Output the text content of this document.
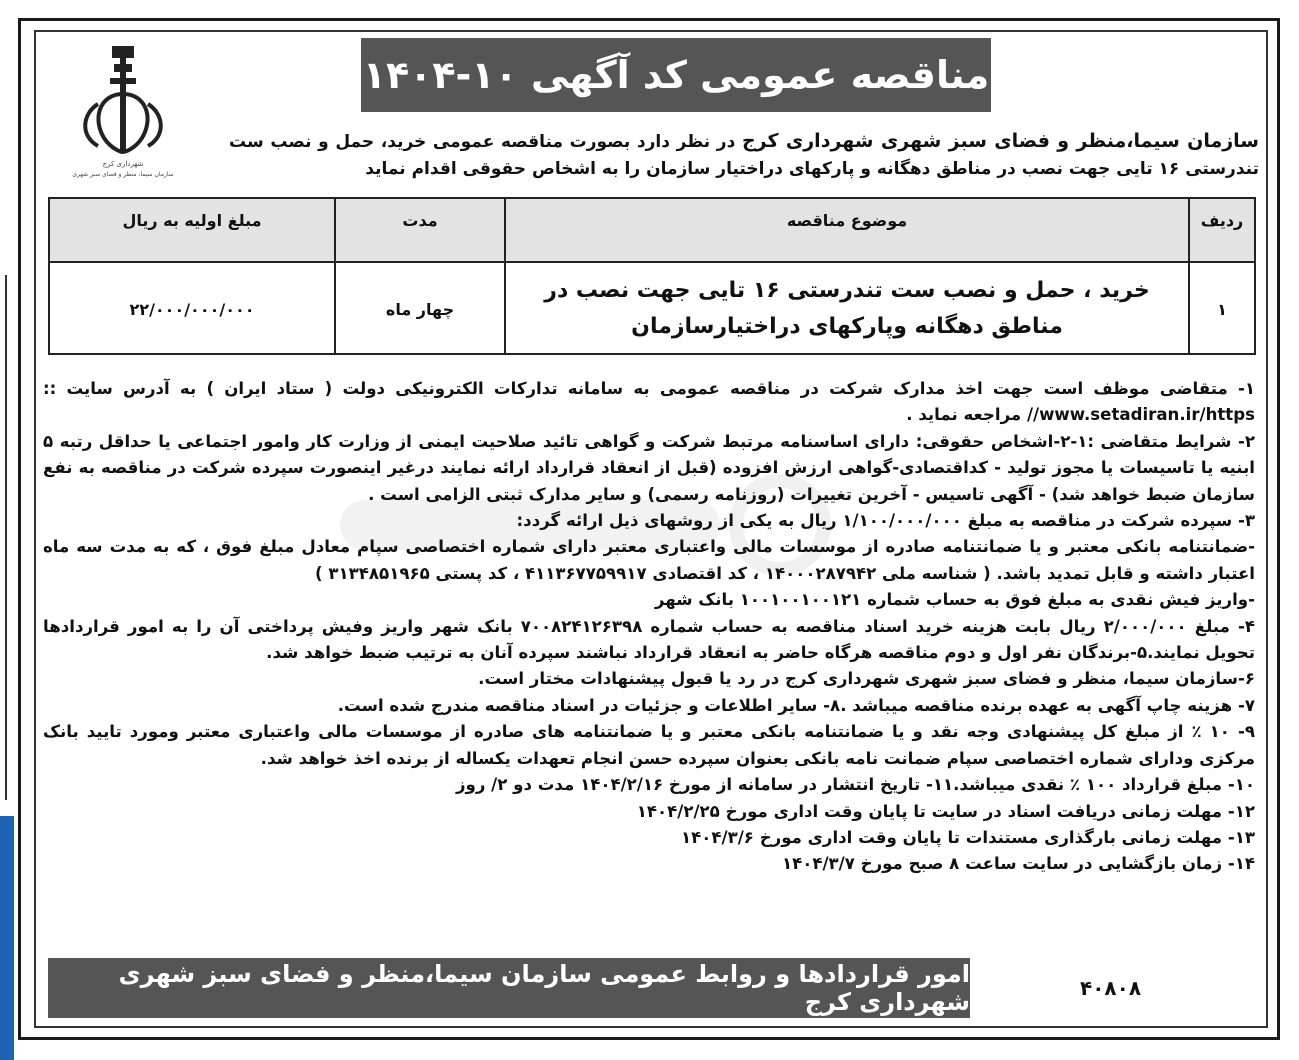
شهرداری کرج
سازمان سیما، منظر و فضای سبز شهری
مناقصه عمومی کد آگهی ۱۰-۱۴۰۴
سازمان سیما،منظر و فضای سبز شهری شهرداری کرج در نظر دارد بصورت مناقصه عمومی خرید، حمل و نصب ست تندرستی ۱۶ تایی جهت نصب در مناطق دهگانه و پارکهای دراختیار سازمان را به اشخاص حقوقی اقدام نماید
ردیف
موضوع مناقصه
مدت
مبلغ اولیه به ریال
۱
خرید ، حمل و نصب ست تندرستی ۱۶ تایی جهت نصب در مناطق دهگانه وپارکهای دراختیارسازمان
چهار ماه
۲۲/۰۰۰/۰۰۰/۰۰۰

۱- متقاضی موظف است جهت اخذ مدارک شرکت در مناقصه عمومی به سامانه تدارکات الکترونیکی دولت ( ستاد ایران ) به آدرس سایت :: www.setadiran.ir/https// مراجعه نماید .

۲- شرایط متقاضی :۱-۲-اشخاص حقوقی: دارای اساسنامه مرتبط شرکت و گواهی تائید صلاحیت ایمنی از وزارت کار وامور اجتماعی یا حداقل رتبه ۵ ابنیه یا تاسیسات یا مجوز تولید - کداقتصادی-گواهی ارزش افزوده (قبل از انعقاد قرارداد ارائه نمایند درغیر اینصورت سپرده شرکت در مناقصه به نفع سازمان ضبط خواهد شد) - آگهی تاسیس - آخرین تغییرات (روزنامه رسمی) و سایر مدارک ثبتی الزامی است .

۳- سپرده شرکت در مناقصه به مبلغ ۱/۱۰۰/۰۰۰/۰۰۰ ریال به یکی از روشهای ذیل ارائه گردد:

-ضمانتنامه بانکی معتبر و یا ضمانتنامه صادره از موسسات مالی واعتباری معتبر دارای شماره اختصاصی سپام معادل مبلغ فوق ، که به مدت سه ماه اعتبار داشته و قابل تمدید باشد. ( شناسه ملی ۱۴۰۰۰۲۸۷۹۴۲ ، کد اقتصادی ۴۱۱۳۶۷۷۵۹۹۱۷ ، کد پستی ۳۱۳۴۸۵۱۹۶۵ )

-واریز فیش نقدی به مبلغ فوق به حساب شماره ۱۰۰۱۰۰۱۰۰۱۲۱ بانک شهر

۴- مبلغ ۲/۰۰۰/۰۰۰ ریال بابت هزینه خرید اسناد مناقصه به حساب شماره ۷۰۰۸۲۴۱۲۶۳۹۸ بانک شهر واریز وفیش پرداختی آن را به امور قراردادها تحویل نمایند.۵-برندگان نفر اول و دوم مناقصه هرگاه حاضر به انعقاد قرارداد نباشند سپرده آنان به ترتیب ضبط خواهد شد.

۶-سازمان سیما، منظر و فضای سبز شهری شهرداری کرج در رد یا قبول پیشنهادات مختار است.

۷- هزینه چاپ آگهی به عهده برنده مناقصه میباشد .۸- سایر اطلاعات و جزئیات در اسناد مناقصه مندرج شده است.

۹- ۱۰ ٪ از مبلغ کل پیشنهادی وجه نقد و یا ضمانتنامه بانکی معتبر و یا ضمانتنامه های صادره از موسسات مالی واعتباری معتبر ومورد تایید بانک مرکزی ودارای شماره اختصاصی سپام ضمانت نامه بانکی بعنوان سپرده حسن انجام تعهدات یکساله از برنده اخذ خواهد شد.

۱۰- مبلغ قرارداد ۱۰۰ ٪ نقدی میباشد.۱۱- تاریخ انتشار در سامانه از مورخ ۱۴۰۴/۲/۱۶ مدت دو ۲/ روز

۱۲- مهلت زمانی دریافت اسناد در سایت تا پایان وقت اداری مورخ ۱۴۰۴/۲/۲۵

۱۳- مهلت زمانی بارگذاری مستندات تا پایان وقت اداری مورخ ۱۴۰۴/۳/۶

۱۴- زمان بازگشایی در سایت ساعت ۸ صبح مورخ ۱۴۰۴/۳/۷

امور قراردادها و روابط عمومی سازمان سیما،منظر و فضای سبز شهری شهرداری کرج	۴۰۸۰۸
